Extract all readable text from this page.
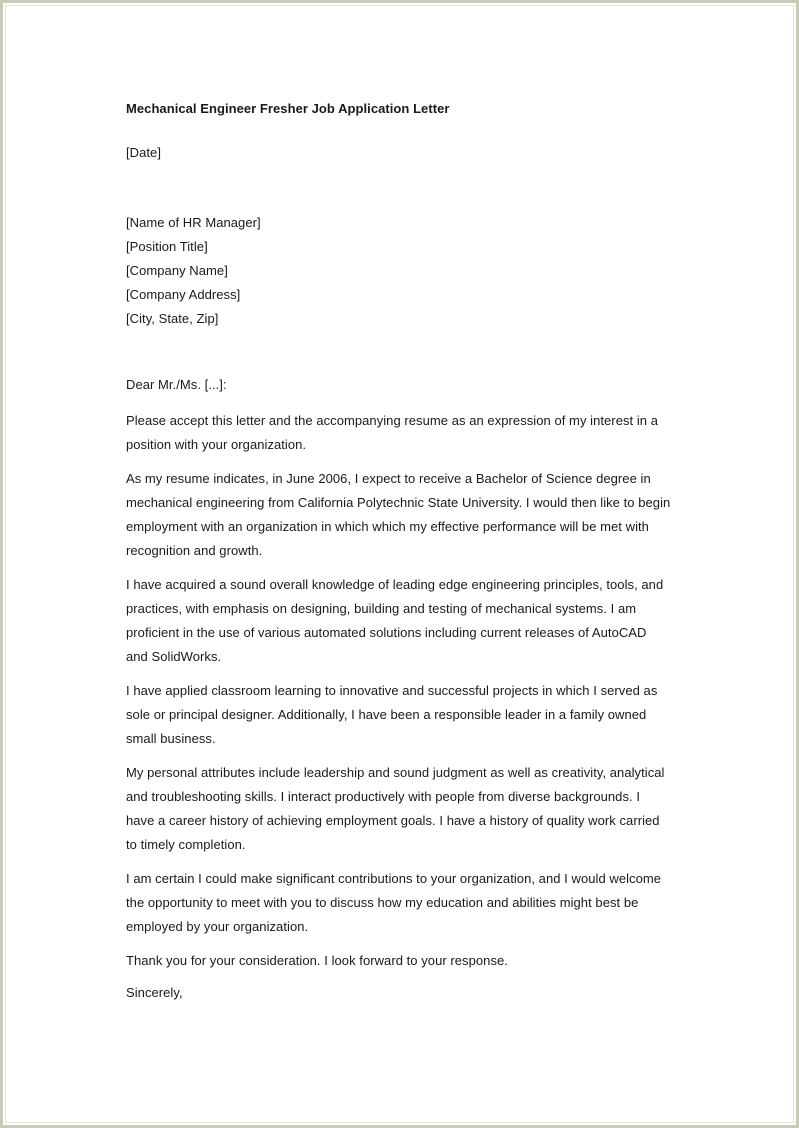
Mechanical Engineer Fresher Job Application Letter
[Date]
[Name of HR Manager]
[Position Title]
[Company Name]
[Company Address]
[City, State, Zip]
Dear Mr./Ms. [...]:

Please accept this letter and the accompanying resume as an expression of my interest in a position with your organization.

As my resume indicates, in June 2006, I expect to receive a Bachelor of Science degree in mechanical engineering from California Polytechnic State University. I would then like to begin employment with an organization in which which my effective performance will be met with recognition and growth.

I have acquired a sound overall knowledge of leading edge engineering principles, tools, and practices, with emphasis on designing, building and testing of mechanical systems. I am proficient in the use of various automated solutions including current releases of AutoCAD and SolidWorks.

I have applied classroom learning to innovative and successful projects in which I served as sole or principal designer. Additionally, I have been a responsible leader in a family owned small business.

My personal attributes include leadership and sound judgment as well as creativity, analytical and troubleshooting skills. I interact productively with people from diverse backgrounds. I have a career history of achieving employment goals. I have a history of quality work carried to timely completion.

I am certain I could make significant contributions to your organization, and I would welcome the opportunity to meet with you to discuss how my education and abilities might best be employed by your organization.

Thank you for your consideration. I look forward to your response.

Sincerely,
